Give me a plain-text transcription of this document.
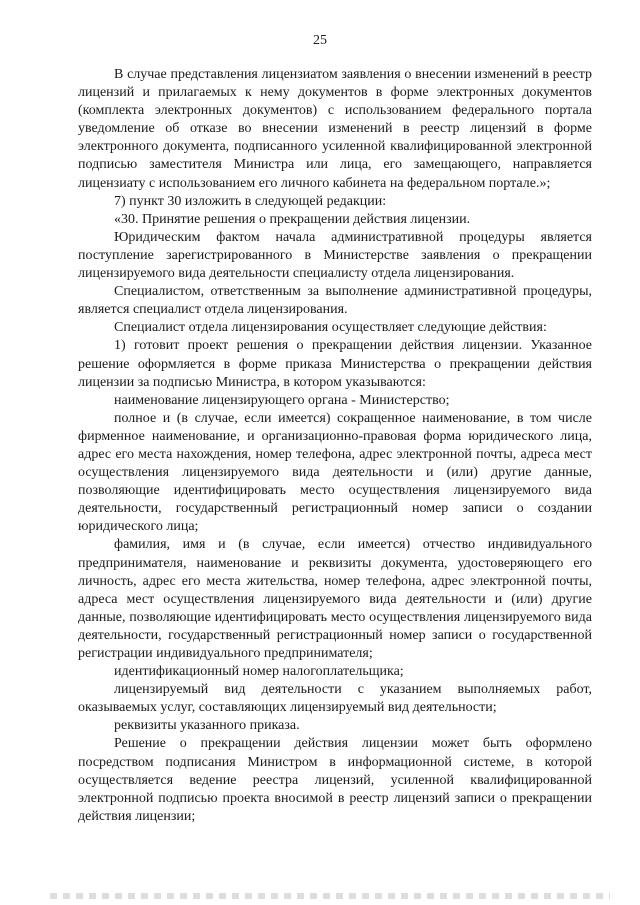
25

В случае представления лицензиатом заявления о внесении изменений в реестр лицензий и прилагаемых к нему документов в форме электронных документов (комплекта электронных документов) с использованием федерального портала уведомление об отказе во внесении изменений в реестр лицензий в форме электронного документа, подписанного усиленной квалифицированной электронной подписью заместителя Министра или лица, его замещающего, направляется лицензиату с использованием его личного кабинета на федеральном портале.»;

7) пункт 30 изложить в следующей редакции:

«30. Принятие решения о прекращении действия лицензии.

Юридическим фактом начала административной процедуры является поступление зарегистрированного в Министерстве заявления о прекращении лицензируемого вида деятельности специалисту отдела лицензирования.

Специалистом, ответственным за выполнение административной процедуры, является специалист отдела лицензирования.

Специалист отдела лицензирования осуществляет следующие действия:

1) готовит проект решения о прекращении действия лицензии. Указанное решение оформляется в форме приказа Министерства о прекращении действия лицензии за подписью Министра, в котором указываются:

наименование лицензирующего органа - Министерство;

полное и (в случае, если имеется) сокращенное наименование, в том числе фирменное наименование, и организационно-правовая форма юридического лица, адрес его места нахождения, номер телефона, адрес электронной почты, адреса мест осуществления лицензируемого вида деятельности и (или) другие данные, позволяющие идентифицировать место осуществления лицензируемого вида деятельности, государственный регистрационный номер записи о создании юридического лица;

фамилия, имя и (в случае, если имеется) отчество индивидуального предпринимателя, наименование и реквизиты документа, удостоверяющего его личность, адрес его места жительства, номер телефона, адрес электронной почты, адреса мест осуществления лицензируемого вида деятельности и (или) другие данные, позволяющие идентифицировать место осуществления лицензируемого вида деятельности, государственный регистрационный номер записи о государственной регистрации индивидуального предпринимателя;

идентификационный номер налогоплательщика;

лицензируемый вид деятельности с указанием выполняемых работ, оказываемых услуг, составляющих лицензируемый вид деятельности;

реквизиты указанного приказа.

Решение о прекращении действия лицензии может быть оформлено посредством подписания Министром в информационной системе, в которой осуществляется ведение реестра лицензий, усиленной квалифицированной электронной подписью проекта вносимой в реестр лицензий записи о прекращении действия лицензии;
